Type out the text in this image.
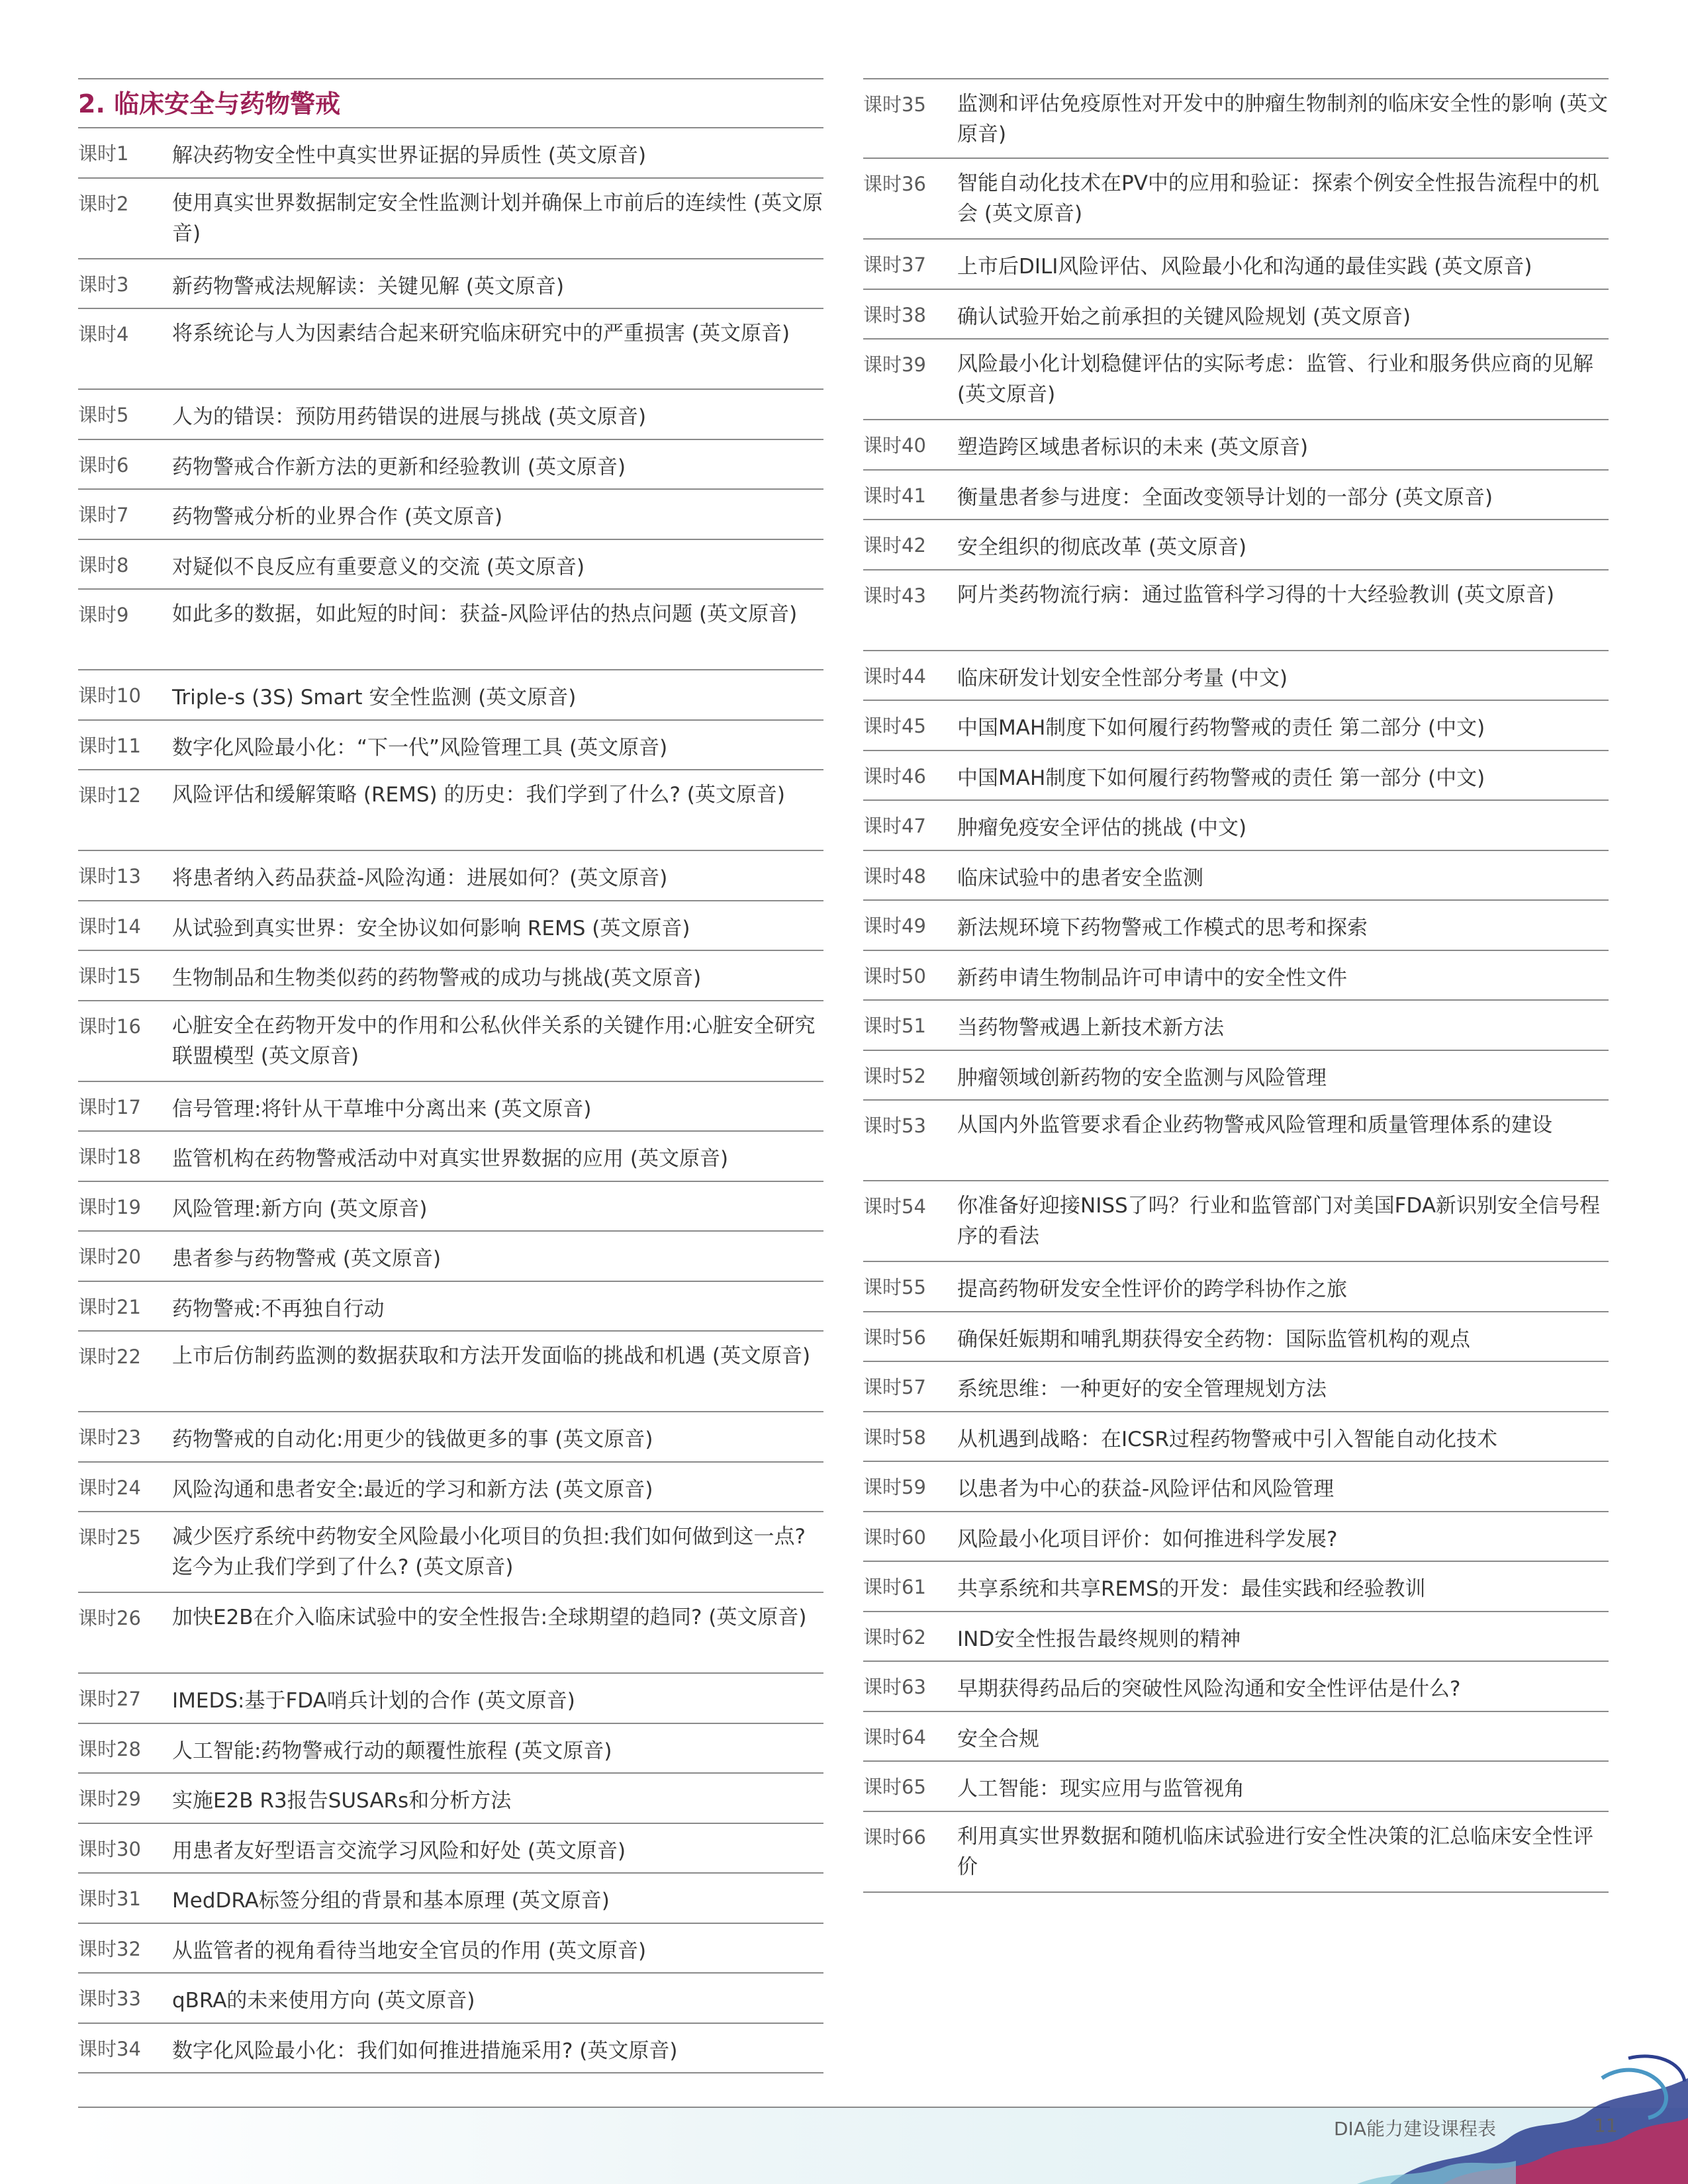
2. 临床安全与药物警戒
课时1	解决药物安全性中真实世界证据的异质性 (英文原音)
课时2	使用真实世界数据制定安全性监测计划并确保上市前后的连续性 (英文原音)
课时3	新药物警戒法规解读：关键见解 (英文原音)
课时4	将系统论与人为因素结合起来研究临床研究中的严重损害 (英文原音)
课时5	人为的错误：预防用药错误的进展与挑战 (英文原音)
课时6	药物警戒合作新方法的更新和经验教训 (英文原音)
课时7	药物警戒分析的业界合作 (英文原音)
课时8	对疑似不良反应有重要意义的交流 (英文原音)
课时9	如此多的数据，如此短的时间：获益-风险评估的热点问题 (英文原音)
课时10	Triple-s (3S) Smart 安全性监测 (英文原音)
课时11	数字化风险最小化：“下一代”风险管理工具 (英文原音)
课时12	风险评估和缓解策略 (REMS) 的历史：我们学到了什么? (英文原音)
课时13	将患者纳入药品获益-风险沟通：进展如何？(英文原音)
课时14	从试验到真实世界：安全协议如何影响 REMS (英文原音)
课时15	生物制品和生物类似药的药物警戒的成功与挑战(英文原音)
课时16	心脏安全在药物开发中的作用和公私伙伴关系的关键作用:心脏安全研究联盟模型 (英文原音)
课时17	信号管理:将针从干草堆中分离出来 (英文原音)
课时18	监管机构在药物警戒活动中对真实世界数据的应用 (英文原音)
课时19	风险管理:新方向 (英文原音)
课时20	患者参与药物警戒 (英文原音)
课时21	药物警戒:不再独自行动
课时22	上市后仿制药监测的数据获取和方法开发面临的挑战和机遇 (英文原音)
课时23	药物警戒的自动化:用更少的钱做更多的事 (英文原音)
课时24	风险沟通和患者安全:最近的学习和新方法 (英文原音)
课时25	减少医疗系统中药物安全风险最小化项目的负担:我们如何做到这一点?迄今为止我们学到了什么? (英文原音)
课时26	加快E2B在介入临床试验中的安全性报告:全球期望的趋同? (英文原音)
课时27	IMEDS:基于FDA哨兵计划的合作 (英文原音)
课时28	人工智能:药物警戒行动的颠覆性旅程 (英文原音)
课时29	实施E2B R3报告SUSARs和分析方法
课时30	用患者友好型语言交流学习风险和好处 (英文原音)
课时31	MedDRA标签分组的背景和基本原理 (英文原音)
课时32	从监管者的视角看待当地安全官员的作用 (英文原音)
课时33	qBRA的未来使用方向 (英文原音)
课时34	数字化风险最小化：我们如何推进措施采用? (英文原音)
课时35	监测和评估免疫原性对开发中的肿瘤生物制剂的临床安全性的影响 (英文原音)
课时36	智能自动化技术在PV中的应用和验证：探索个例安全性报告流程中的机会 (英文原音)
课时37	上市后DILI风险评估、风险最小化和沟通的最佳实践 (英文原音)
课时38	确认试验开始之前承担的关键风险规划 (英文原音)
课时39	风险最小化计划稳健评估的实际考虑：监管、行业和服务供应商的见解 (英文原音)
课时40	塑造跨区域患者标识的未来 (英文原音)
课时41	衡量患者参与进度：全面改变领导计划的一部分 (英文原音)
课时42	安全组织的彻底改革 (英文原音)
课时43	阿片类药物流行病：通过监管科学习得的十大经验教训 (英文原音)
课时44	临床研发计划安全性部分考量 (中文)
课时45	中国MAH制度下如何履行药物警戒的责任 第二部分 (中文)
课时46	中国MAH制度下如何履行药物警戒的责任 第一部分 (中文)
课时47	肿瘤免疫安全评估的挑战 (中文)
课时48	临床试验中的患者安全监测
课时49	新法规环境下药物警戒工作模式的思考和探索
课时50	新药申请生物制品许可申请中的安全性文件
课时51	当药物警戒遇上新技术新方法
课时52	肿瘤领域创新药物的安全监测与风险管理
课时53	从国内外监管要求看企业药物警戒风险管理和质量管理体系的建设
课时54	你准备好迎接NISS了吗？行业和监管部门对美国FDA新识别安全信号程序的看法
课时55	提高药物研发安全性评价的跨学科协作之旅
课时56	确保妊娠期和哺乳期获得安全药物：国际监管机构的观点
课时57	系统思维：一种更好的安全管理规划方法
课时58	从机遇到战略：在ICSR过程药物警戒中引入智能自动化技术
课时59	以患者为中心的获益-风险评估和风险管理
课时60	风险最小化项目评价：如何推进科学发展?
课时61	共享系统和共享REMS的开发：最佳实践和经验教训
课时62	IND安全性报告最终规则的精神
课时63	早期获得药品后的突破性风险沟通和安全性评估是什么?
课时64	安全合规
课时65	人工智能：现实应用与监管视角
课时66	利用真实世界数据和随机临床试验进行安全性决策的汇总临床安全性评价
DIA能力建设课程表	11
